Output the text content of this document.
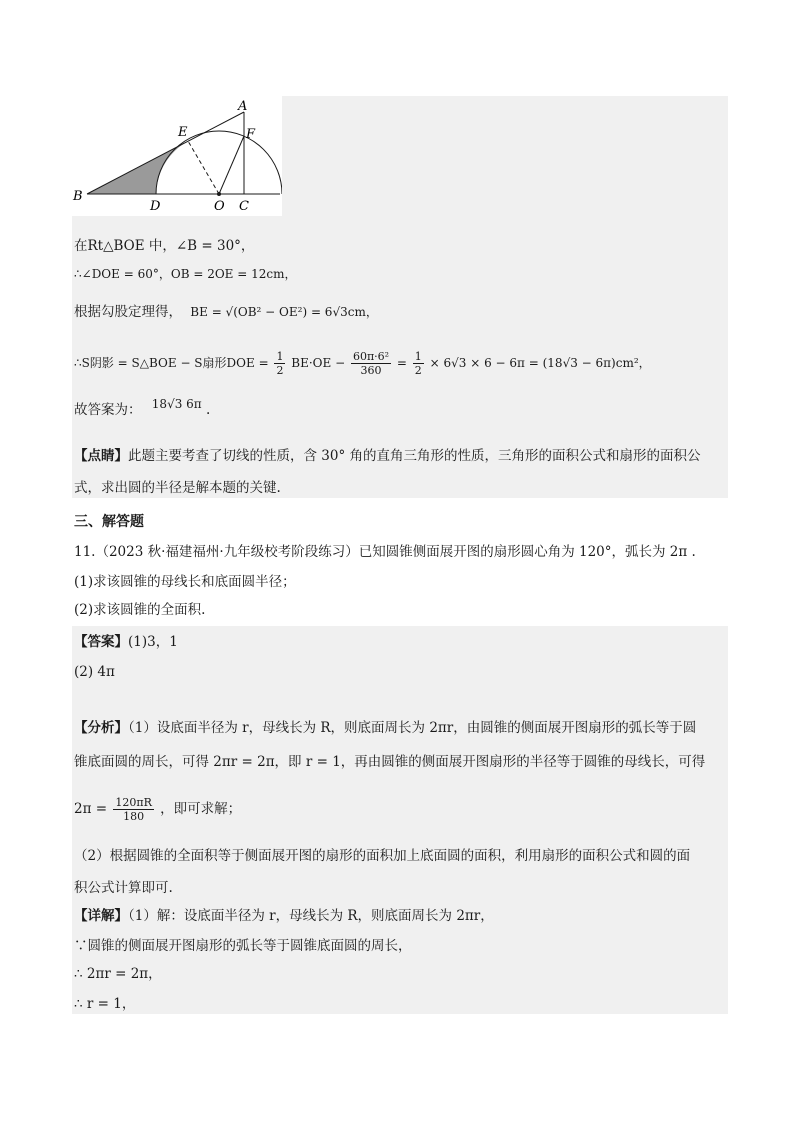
A
B
C
D
E	F
O
在Rt△BOE 中，∠B = 30°，
∴∠DOE = 60°，OB = 2OE = 12cm，
根据勾股定理得， BE = √(OB² − OE²) = 6√3cm，
∴S阴影 = S△BOE − S扇形DOE = $\frac{1}{2} BE\cdot OE - \frac{\text{60π·6²}}{360} = \frac{1}{2} \times 6√3 \times 6 - 6\pi = (18√3 - 6\pi)cm^2$，
故答案为： 18√3 6π .
【点睛】此题主要考查了切线的性质，含 30° 角的直角三角形的性质，三角形的面积公式和扇形的面积公
式，求出圆的半径是解本题的关键.
三、解答题
11.（2023 秋·福建福州·九年级校考阶段练习）已知圆锥侧面展开图的扇形圆心角为 120°，弧长为 2π .
(1)求该圆锥的母线长和底面圆半径；
(2)求该圆锥的全面积.
【答案】(1)3，1
(2) 4π
【分析】（1）设底面半径为 r，母线长为 R，则底面周长为 2πr，由圆锥的侧面展开图扇形的弧长等于圆
锥底面圆的周长，可得 2πr = 2π，即 r = 1，再由圆锥的侧面展开图扇形的半径等于圆锥的母线长，可得
$2\pi = \frac{120\pi R}{180}$ ，即可求解；
（2）根据圆锥的全面积等于侧面展开图的扇形的面积加上底面圆的面积，利用扇形的面积公式和圆的面
积公式计算即可.
【详解】（1）解：设底面半径为 r，母线长为 R，则底面周长为 2πr，
∵圆锥的侧面展开图扇形的弧长等于圆锥底面圆的周长，
∴ 2πr = 2π，
∴ r = 1，
